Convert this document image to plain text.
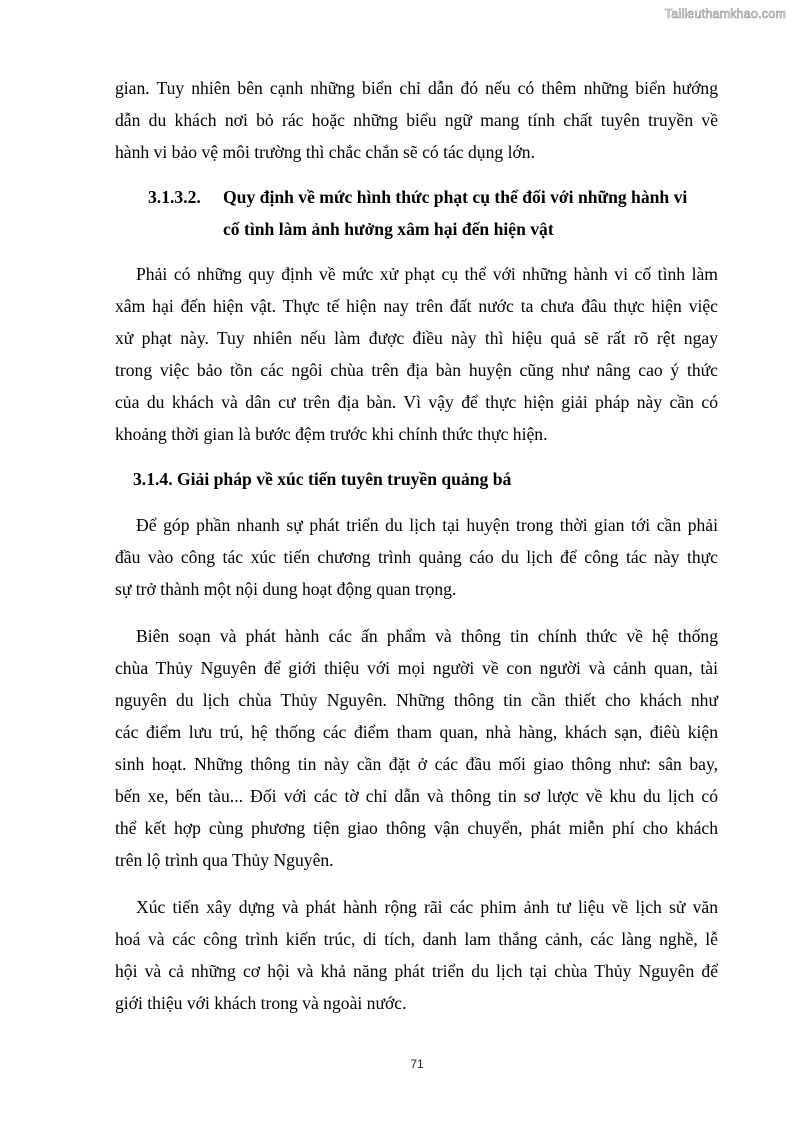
Tailieuthamkhao.com
gian. Tuy nhiên bên cạnh những biển chỉ dẫn đó nếu có thêm những biển hướng
dẫn du khách nơi bỏ rác hoặc những biểu ngữ mang tính chất tuyên truyền về
hành vi bảo vệ môi trường thì chắc chắn sẽ có tác dụng lớn.
3.1.3.2. Quy định về mức hình thức phạt cụ thể đối với những hành vi
cố tình làm ảnh hưởng xâm hại đến hiện vật
Phải có những quy định về mức xử phạt cụ thể với những hành vi cố tình làm
xâm hại đến hiện vật. Thực tế hiện nay trên đất nước ta chưa đâu thực hiện việc
xử phạt này. Tuy nhiên nếu làm được điều này thì hiệu quả sẽ rất rõ rệt ngay
trong việc bảo tồn các ngôi chùa trên địa bàn huyện cũng như nâng cao ý thức
của du khách và dân cư trên địa bàn. Vì vậy để thực hiện giải pháp này cần có
khoảng thời gian là bước đệm trước khi chính thức thực hiện.
3.1.4. Giải pháp về xúc tiến tuyên truyền quảng bá
Để góp phần nhanh sự phát triển du lịch tại huyện trong thời gian tới cần phải
đầu vào công tác xúc tiến chương trình quảng cáo du lịch để công tác này thực
sự trở thành một nội dung hoạt động quan trọng.
Biên soạn và phát hành các ấn phẩm và thông tin chính thức về hệ thống
chùa Thủy Nguyên để giới thiệu với mọi người về con người và cảnh quan, tài
nguyên du lịch chùa Thủy Nguyên. Những thông tin cần thiết cho khách như
các điểm lưu trú, hệ thống các điểm tham quan, nhà hàng, khách sạn, điêù kiện
sinh hoạt. Những thông tin này cần đặt ở các đầu mối giao thông như: sân bay,
bến xe, bến tàu... Đối với các tờ chỉ dẫn và thông tin sơ lược về khu du lịch có
thể kết hợp cùng phương tiện giao thông vận chuyển, phát miễn phí cho khách
trên lộ trình qua Thủy Nguyên.
Xúc tiến xây dựng và phát hành rộng rãi các phim ảnh tư liệu về lịch sử văn
hoá và các công trình kiến trúc, di tích, danh lam thắng cảnh, các làng nghề, lễ
hội và cả những cơ hội và khả năng phát triển du lịch tại chùa Thủy Nguyên để
giới thiệu với khách trong và ngoài nước.
71
